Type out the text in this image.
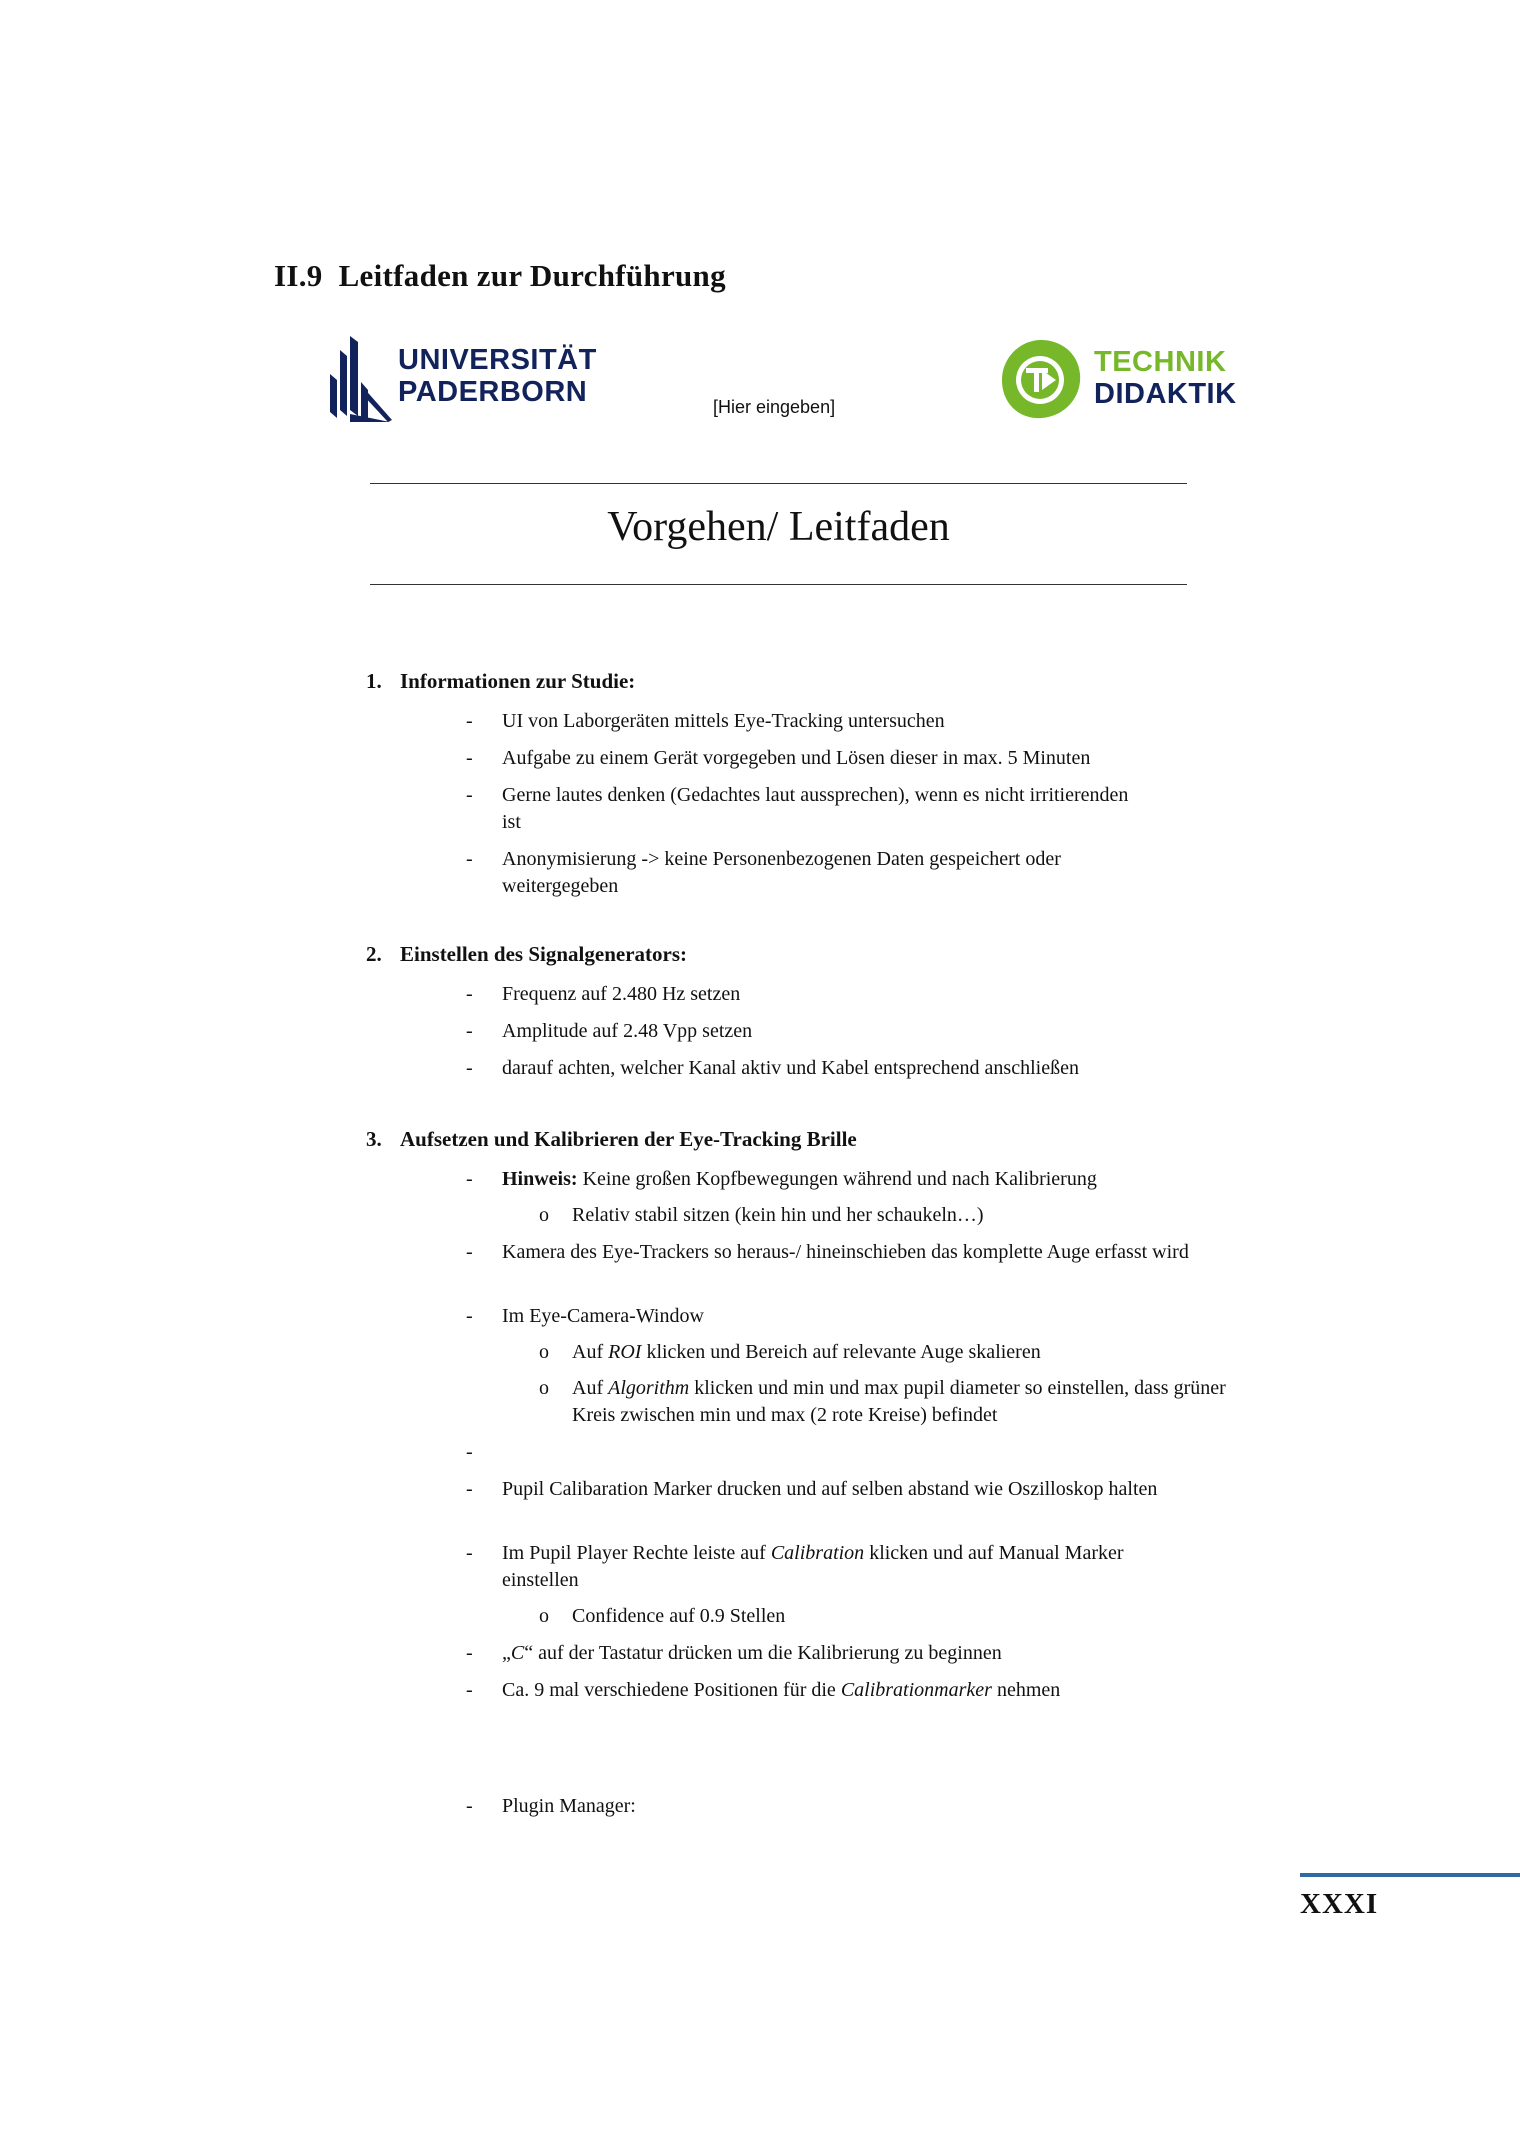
II.9 Leitfaden zur Durchführung
UNIVERSITÄT
PADERBORN	[Hier eingeben]
TECHNIK
DIDAKTIK
Vorgehen/ Leitfaden
1. Informationen zur Studie:
- UI von Laborgeräten mittels Eye-Tracking untersuchen
- Aufgabe zu einem Gerät vorgegeben und Lösen dieser in max. 5 Minuten
- Gerne lautes denken (Gedachtes laut aussprechen), wenn es nicht irritierenden ist
- Anonymisierung -> keine Personenbezogenen Daten gespeichert oder weitergegeben
2. Einstellen des Signalgenerators:
- Frequenz auf 2.480 Hz setzen
- Amplitude auf 2.48 Vpp setzen
- darauf achten, welcher Kanal aktiv und Kabel entsprechend anschließen
3. Aufsetzen und Kalibrieren der Eye-Tracking Brille
- Hinweis: Keine großen Kopfbewegungen während und nach Kalibrierung
o Relativ stabil sitzen (kein hin und her schaukeln…)
- Kamera des Eye-Trackers so heraus-/ hineinschieben das komplette Auge erfasst wird
- Im Eye-Camera-Window
o Auf ROI klicken und Bereich auf relevante Auge skalieren
o Auf Algorithm klicken und min und max pupil diameter so einstellen, dass grüner Kreis zwischen min und max (2 rote Kreise) befindet
-
- Pupil Calibaration Marker drucken und auf selben abstand wie Oszilloskop halten
- Im Pupil Player Rechte leiste auf Calibration klicken und auf Manual Marker einstellen
o Confidence auf 0.9 Stellen
- „C“ auf der Tastatur drücken um die Kalibrierung zu beginnen
- Ca. 9 mal verschiedene Positionen für die Calibrationmarker nehmen
- Plugin Manager:
XXXI
